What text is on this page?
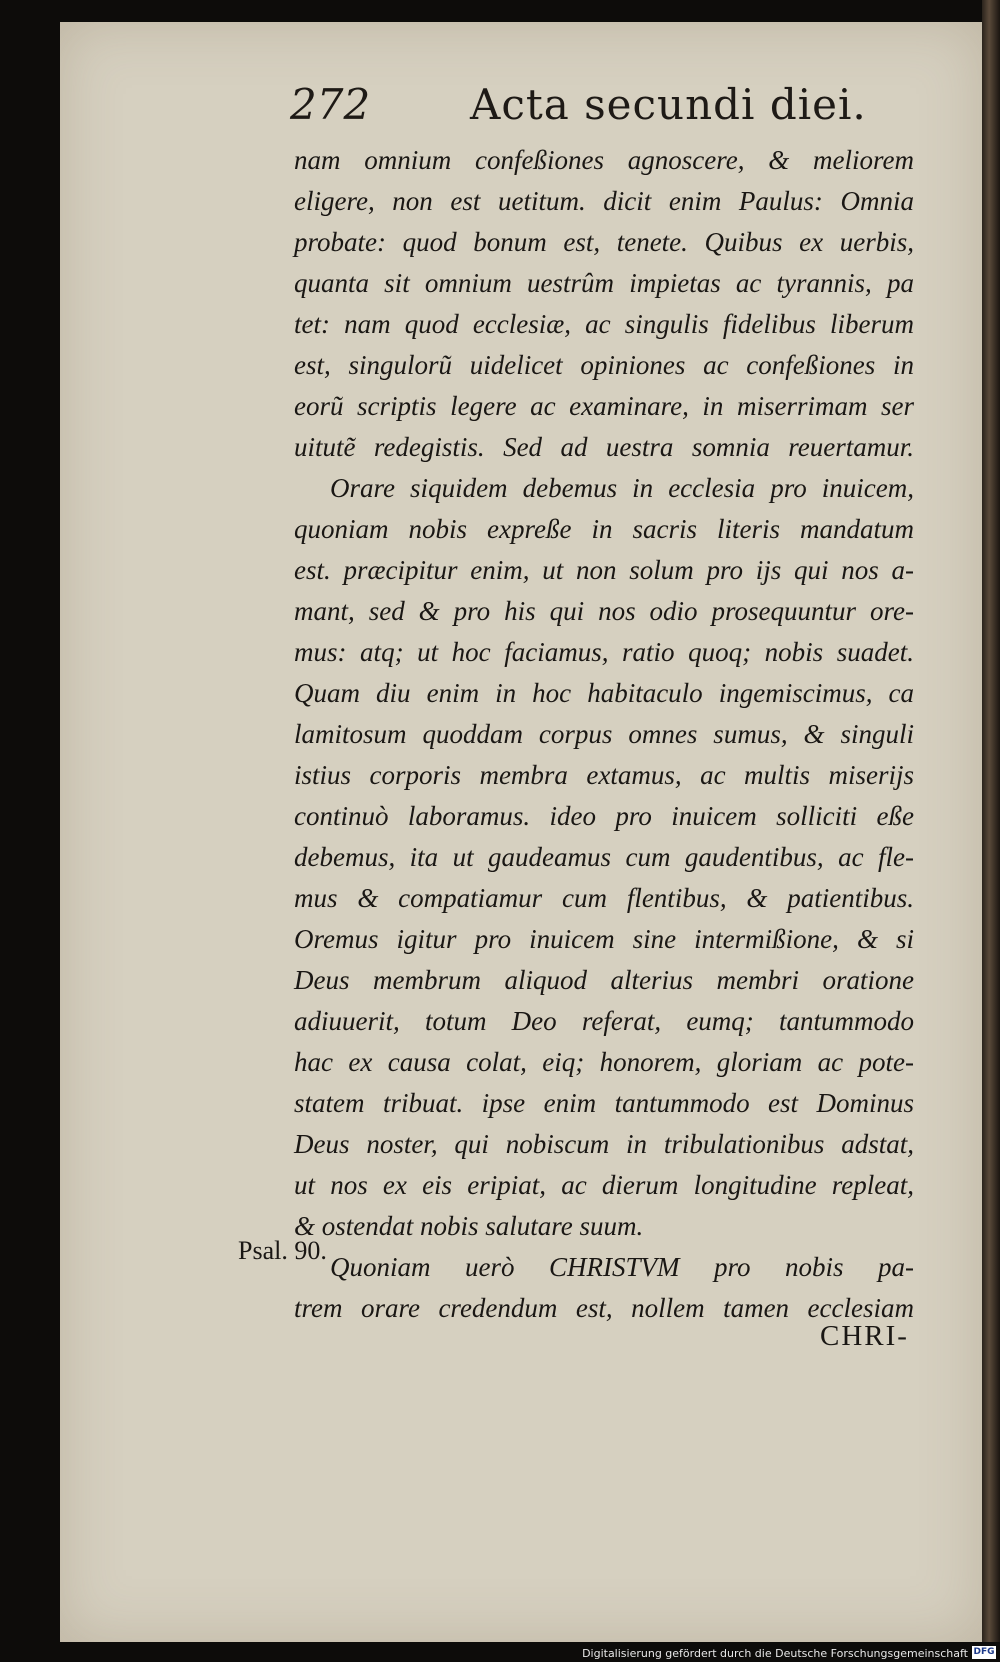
272 Acta secundi diei.
nam omnium confeßiones agnoscere, & meliorem
eligere, non est uetitum. dicit enim Paulus: Omnia
probate: quod bonum est, tenete. Quibus ex uerbis,
quanta sit omnium uestrûm impietas ac tyrannis, pa
tet: nam quod ecclesiæ, ac singulis fidelibus liberum
est, singulorũ uidelicet opiniones ac confeßiones in
eorũ scriptis legere ac examinare, in miserrimam ser
uitutẽ redegistis. Sed ad uestra somnia reuertamur.
Orare siquidem debemus in ecclesia pro inuicem,
quoniam nobis expreße in sacris literis mandatum
est. præcipitur enim, ut non solum pro ijs qui nos a-
mant, sed & pro his qui nos odio prosequuntur ore-
mus: atq; ut hoc faciamus, ratio quoq; nobis suadet.
Quam diu enim in hoc habitaculo ingemiscimus, ca
lamitosum quoddam corpus omnes sumus, & singuli
istius corporis membra extamus, ac multis miserijs
continuò laboramus. ideo pro inuicem solliciti eße
debemus, ita ut gaudeamus cum gaudentibus, ac fle-
mus & compatiamur cum flentibus, & patientibus.
Oremus igitur pro inuicem sine intermißione, & si
Deus membrum aliquod alterius membri oratione
adiuuerit, totum Deo referat, eumq; tantummodo
hac ex causa colat, eiq; honorem, gloriam ac pote-
statem tribuat. ipse enim tantummodo est Dominus
Deus noster, qui nobiscum in tribulationibus adstat,
ut nos ex eis eripiat, ac dierum longitudine repleat,
& ostendat nobis salutare suum.
Quoniam uerò CHRISTVM pro nobis pa-
trem orare credendum est, nollem tamen ecclesiam
Psal. 90.
CHRI-
Digitalisierung gefördert durch die Deutsche Forschungsgemeinschaft DFG
